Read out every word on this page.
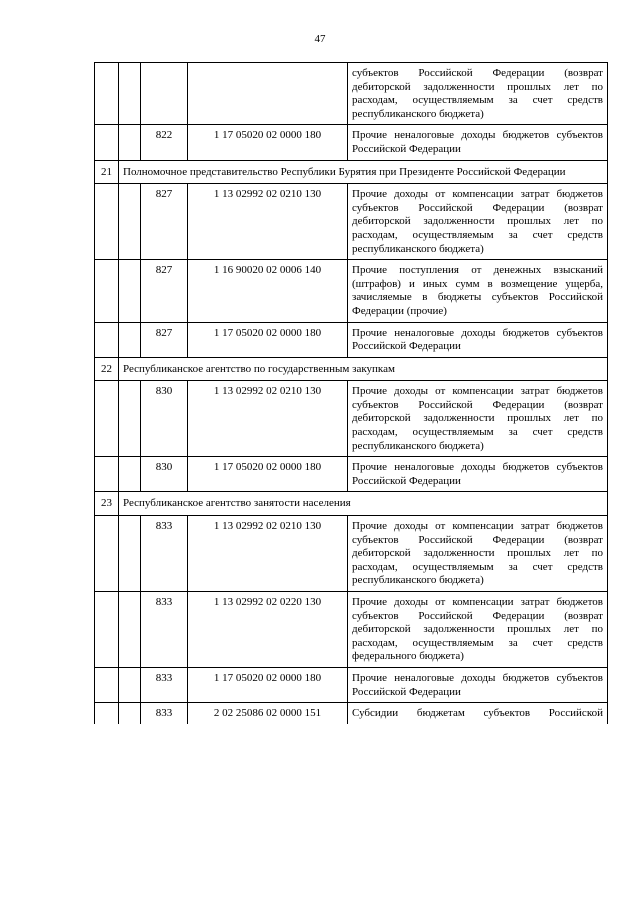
47
				субъектов Российской Федерации (возврат дебиторской задолженности прошлых лет по расходам, осуществляемым за счет средств республиканского бюджета)
		822	1 17 05020 02 0000 180	Прочие неналоговые доходы бюджетов субъектов Российской Федерации
21	Полномочное представительство Республики Бурятия при Президенте Российской Федерации			
		827	1 13 02992 02 0210 130	Прочие доходы от компенсации затрат бюджетов субъектов Российской Федерации (возврат дебиторской задолженности прошлых лет по расходам, осуществляемым за счет средств республиканского бюджета)
		827	1 16 90020 02 0006 140	Прочие поступления от денежных взысканий (штрафов) и иных сумм в возмещение ущерба, зачисляемые в бюджеты субъектов Российской Федерации (прочие)
		827	1 17 05020 02 0000 180	Прочие неналоговые доходы бюджетов субъектов Российской Федерации
22	Республиканское агентство по государственным закупкам			
		830	1 13 02992 02 0210 130	Прочие доходы от компенсации затрат бюджетов субъектов Российской Федерации (возврат дебиторской задолженности прошлых лет по расходам, осуществляемым за счет средств республиканского бюджета)
		830	1 17 05020 02 0000 180	Прочие неналоговые доходы бюджетов субъектов Российской Федерации
23	Республиканское агентство занятости населения			
		833	1 13 02992 02 0210 130	Прочие доходы от компенсации затрат бюджетов субъектов Российской Федерации (возврат дебиторской задолженности прошлых лет по расходам, осуществляемым за счет средств республиканского бюджета)
		833	1 13 02992 02 0220 130	Прочие доходы от компенсации затрат бюджетов субъектов Российской Федерации (возврат дебиторской задолженности прошлых лет по расходам, осуществляемым за счет средств федерального бюджета)
		833	1 17 05020 02 0000 180	Прочие неналоговые доходы бюджетов субъектов Российской Федерации
		833	2 02 25086 02 0000 151	Субсидии бюджетам субъектов Российской
